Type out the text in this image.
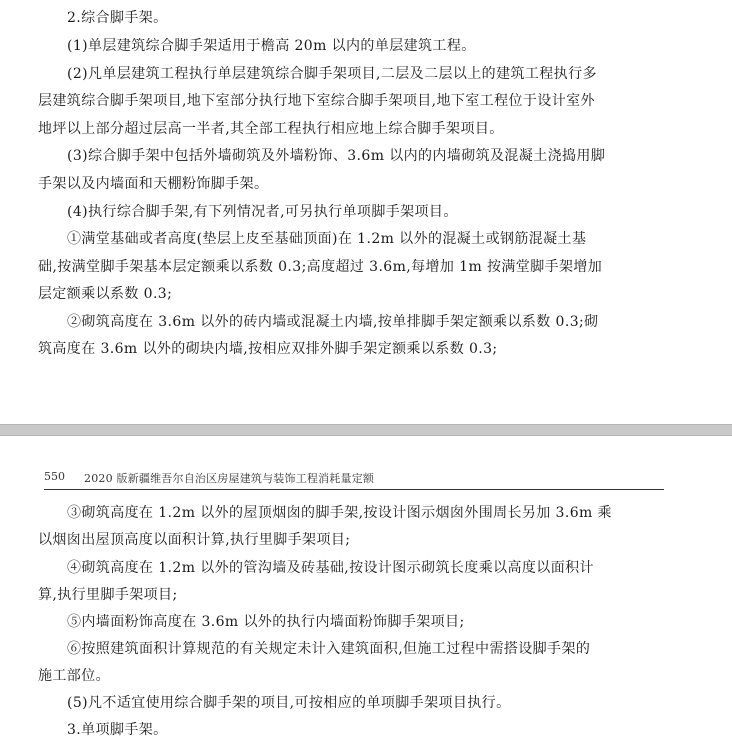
2.综合脚手架。
(1)单层建筑综合脚手架适用于檐高 20m 以内的单层建筑工程。
(2)凡单层建筑工程执行单层建筑综合脚手架项目,二层及二层以上的建筑工程执行多
层建筑综合脚手架项目,地下室部分执行地下室综合脚手架项目,地下室工程位于设计室外
地坪以上部分超过层高一半者,其全部工程执行相应地上综合脚手架项目。
(3)综合脚手架中包括外墙砌筑及外墙粉饰、3.6m 以内的内墙砌筑及混凝土浇捣用脚
手架以及内墙面和天棚粉饰脚手架。
(4)执行综合脚手架,有下列情况者,可另执行单项脚手架项目。
①满堂基础或者高度(垫层上皮至基础顶面)在 1.2m 以外的混凝土或钢筋混凝土基
础,按满堂脚手架基本层定额乘以系数 0.3;高度超过 3.6m,每增加 1m 按满堂脚手架增加
层定额乘以系数 0.3;
②砌筑高度在 3.6m 以外的砖内墙或混凝土内墙,按单排脚手架定额乘以系数 0.3;砌
筑高度在 3.6m 以外的砌块内墙,按相应双排外脚手架定额乘以系数 0.3;
550 2020 版新疆维吾尔自治区房屋建筑与装饰工程消耗量定额
③砌筑高度在 1.2m 以外的屋顶烟囱的脚手架,按设计图示烟囱外围周长另加 3.6m 乘
以烟囱出屋顶高度以面积计算,执行里脚手架项目;
④砌筑高度在 1.2m 以外的管沟墙及砖基础,按设计图示砌筑长度乘以高度以面积计
算,执行里脚手架项目;
⑤内墙面粉饰高度在 3.6m 以外的执行内墙面粉饰脚手架项目;
⑥按照建筑面积计算规范的有关规定未计入建筑面积,但施工过程中需搭设脚手架的
施工部位。
(5)凡不适宜使用综合脚手架的项目,可按相应的单项脚手架项目执行。
3.单项脚手架。
